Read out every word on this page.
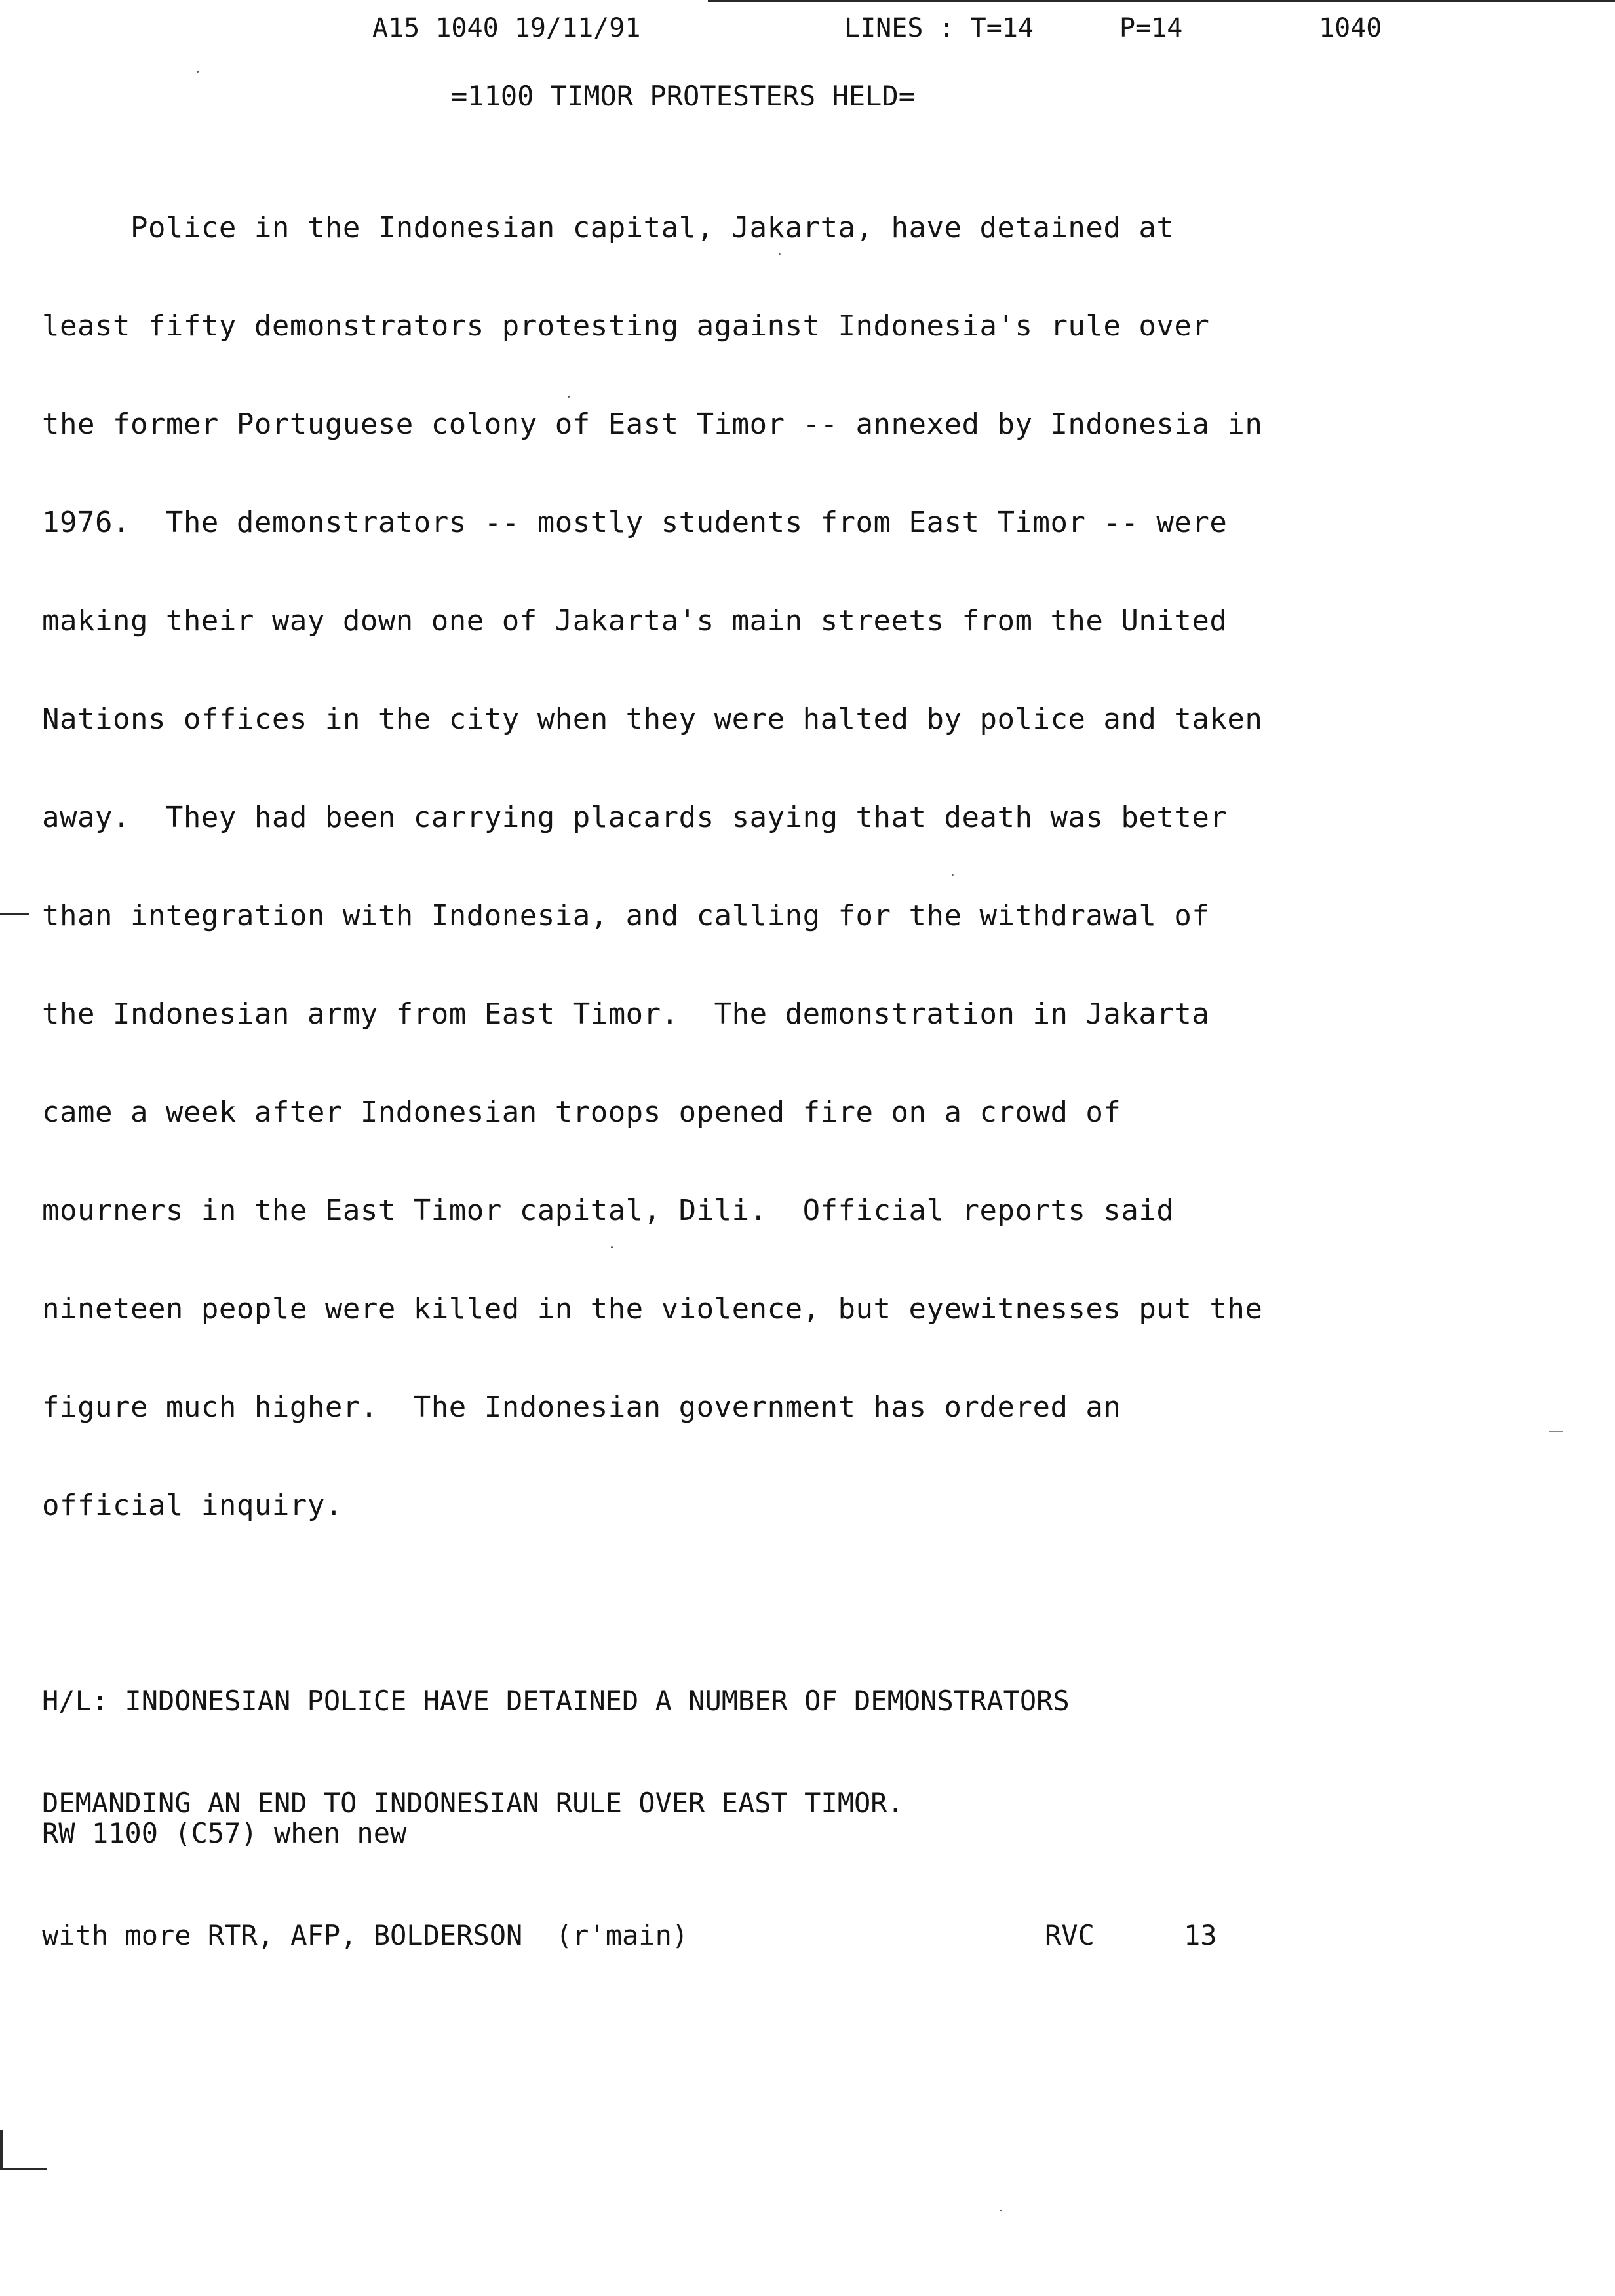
A15 1040 19/11/91

	LINES : T=14

	P=14

	1040

=1100 TIMOR PROTESTERS HELD=
Police in the Indonesian capital, Jakarta, have detained at
least fifty demonstrators protesting against Indonesia's rule over
the former Portuguese colony of East Timor -- annexed by Indonesia in
1976.  The demonstrators -- mostly students from East Timor -- were
making their way down one of Jakarta's main streets from the United
Nations offices in the city when they were halted by police and taken
away.  They had been carrying placards saying that death was better
than integration with Indonesia, and calling for the withdrawal of
the Indonesian army from East Timor.  The demonstration in Jakarta
came a week after Indonesian troops opened fire on a crowd of
mourners in the East Timor capital, Dili.  Official reports said
nineteen people were killed in the violence, but eyewitnesses put the
figure much higher.  The Indonesian government has ordered an
official inquiry.

H/L: INDONESIAN POLICE HAVE DETAINED A NUMBER OF DEMONSTRATORS

DEMANDING AN END TO INDONESIAN RULE OVER EAST TIMOR.

RW 1100 (C57) when new

with more RTR, AFP, BOLDERSON  (r'main)

	RVC

	13
